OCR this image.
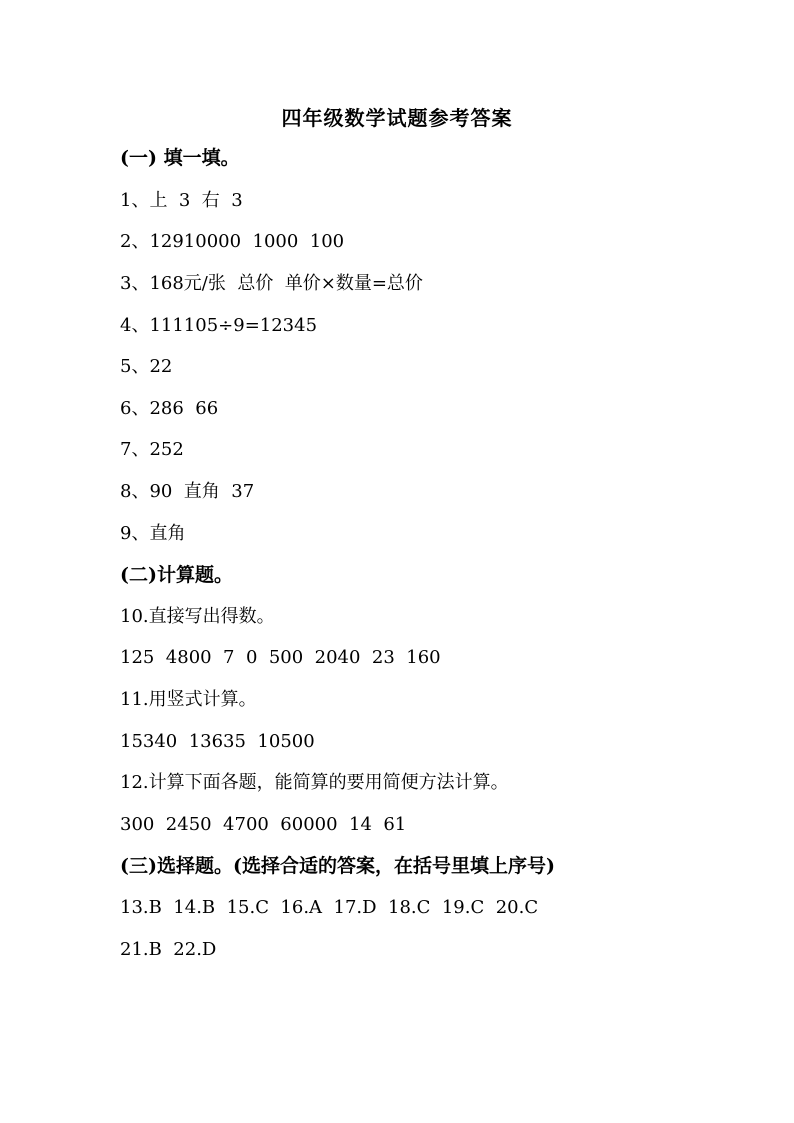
四年级数学试题参考答案
(一) 填一填。
1、上  3  右  3
2、12910000  1000  100
3、168元/张  总价  单价×数量=总价
4、111105÷9=12345
5、22
6、286  66
7、252
8、90  直角  37
9、直角
(二)计算题。
10.直接写出得数。
125  4800  7  0  500  2040  23  160
11.用竖式计算。
15340  13635  10500
12.计算下面各题，能简算的要用简便方法计算。
300  2450  4700  60000  14  61
(三)选择题。(选择合适的答案，在括号里填上序号)
13.B  14.B  15.C  16.A  17.D  18.C  19.C  20.C
21.B  22.D
